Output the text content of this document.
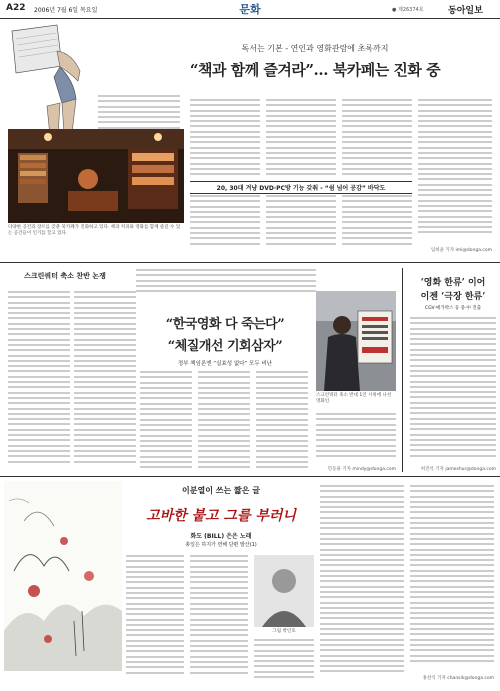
A22 2006년 7월 6일 목요일	문화	● 제26374호	동아일보
독서는 기본 - 연인과 영화관람에 초록까지
“책과 함께 즐겨라”… 북카페는 진화 중
다양한 공간과 장르를 갖춘 북카페가 진화하고 있다. 책과 커피와 영화를 함께 즐길 수 있는 공간들이 인기를 끌고 있다.
20, 30대 겨냥 DVD·PC방 기능 갖춰 - “쉼 넘어 공감” 바닥도
임희윤 기자 imi@donga.com
스크린쿼터 축소 찬반 논쟁
“한국영화 다 죽는다”
“체질개선 기회삼자”
정부 책임론엔 “실효성 없다” 모두 비난
스크린쿼터 축소 반대 1인 시위에 나선 영화인.
민동용 기자 mindy@donga.com
‘영화 한류’ 이어
이젠 ‘극장 한류’
CGV·메가박스 등 중·中 진출
허진석 기자 jameshur@donga.com
이분열이 쓰는 짧은 글
고바한 붙고 그를 부러니
화도 (BILL) 은은 노래
총일은 하지가 면해 단편 발산(1)
그림 박인호
홍찬식 기자 chansik@donga.com
